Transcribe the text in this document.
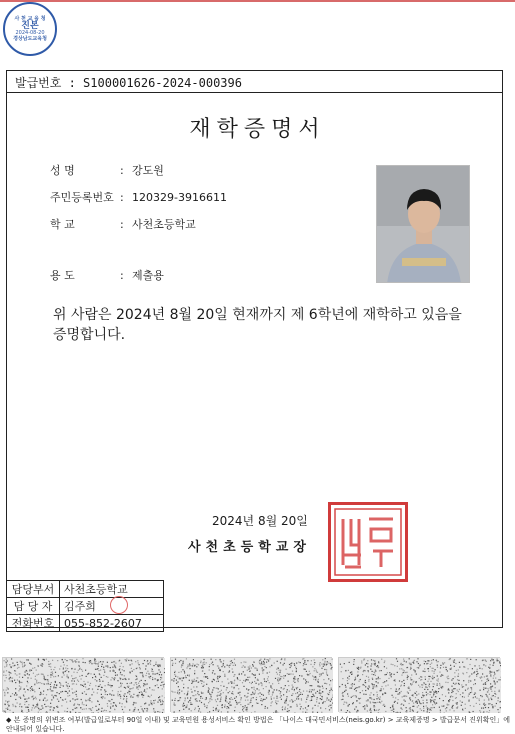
사 천 교 육 청
진본
2024-08-20
경상남도교육청
발급번호 : S100001626-2024-000396
재학증명서
성 명	: 강도원
주민등록번호 : 120329-3916611
학 교	: 사천초등학교
용 도	: 제출용
위 사람은 2024년 8월 20일 현재까지 제 6학년에 재학하고 있음을 증명합니다.
2024년 8월 20일
사천초등학교장
담당부서	사천초등학교
담 당 자	김주희
전화번호	055-852-2607
◆ 본 증명의 위변조 여부(발급일로부터 90일 이내) 및 교육민원 용성서비스 확인 방법은 「나이스 대국민서비스(neis.go.kr) > 교육제증명 > 발급문서 진위확인」에 안내되어 있습니다.
